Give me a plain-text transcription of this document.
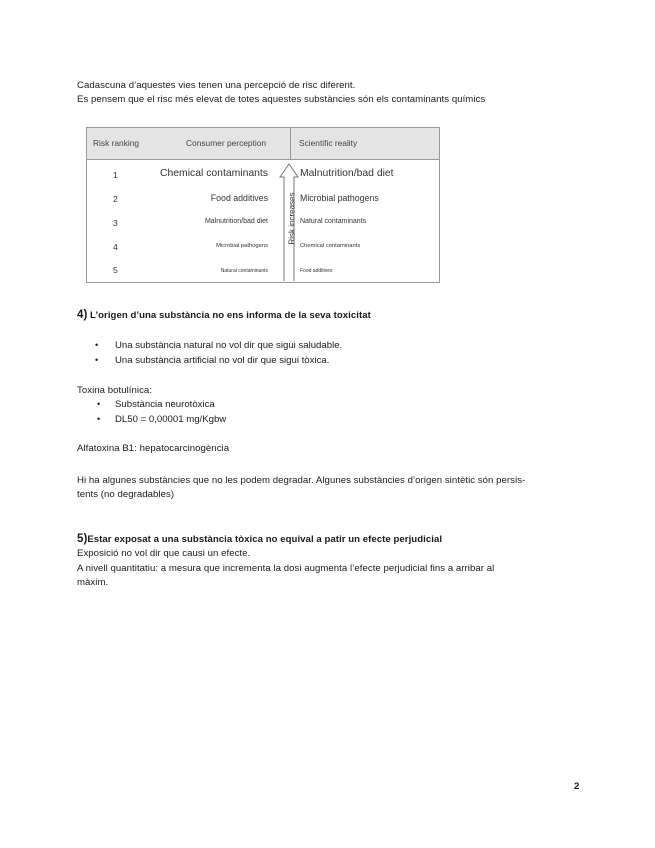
Cadascuna d’aquestes vies tenen una percepció de risc diferent.

Es pensem que el risc més elevat de totes aquestes substàncies són els contaminants químics

Risk ranking	Consumer perception	Scientific reality
1	Chemical contaminants	Malnutrition/bad diet
2	Food additives	Microbial pathogens
3	Malnutrition/bad diet	Natural contaminants
4	Microbial pathogens	Chemical contaminants
5	Natural contaminants	Food additives
Risk increases

4) L’origen d’una substància no ens informa de la seva toxicitat

• Una substància natural no vol dir que sigui saludable.
• Una substància artificial no vol dir que sigui tòxica.

Toxina botulínica:

• Substància neurotòxica
• DL50 = 0,00001 mg/Kgbw

Alfatoxina B1: hepatocarcinogència

Hi ha algunes substàncies que no les podem degradar. Algunes substàncies d’origen sintètic són persis-

tents (no degradables)

5)Estar exposat a una substància tòxica no equival a patir un efecte perjudicial

Exposició no vol dir que causi un efecte.

A nivell quantitatiu: a mesura que incrementa la dosi augmenta l’efecte perjudicial fins a arribar al

màxim.

2
